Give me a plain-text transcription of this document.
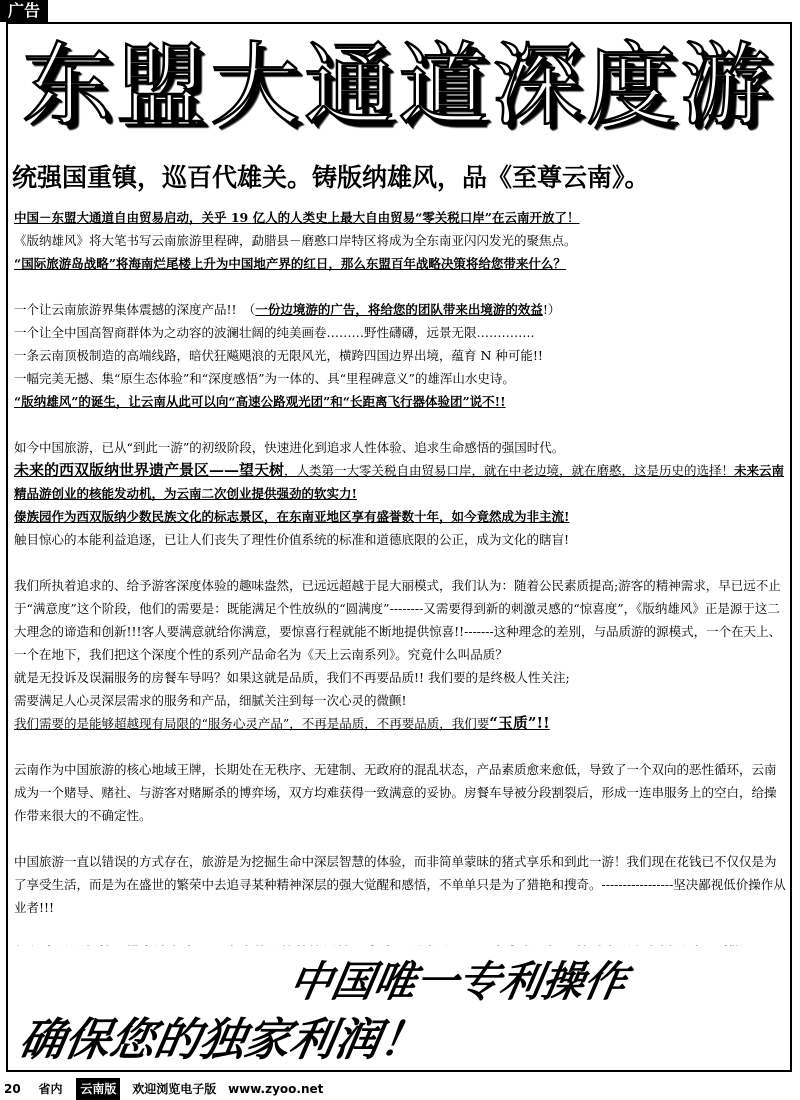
广告
东盟大通道深度游
统强国重镇，巡百代雄关。铸版纳雄风，品《至尊云南》。

中国－东盟大通道自由贸易启动，关乎 19 亿人的人类史上最大自由贸易“零关税口岸”在云南开放了！
《版纳雄风》将大笔书写云南旅游里程碑，勐腊县－磨憨口岸特区将成为全东南亚闪闪发光的聚焦点。
“国际旅游岛战略”将海南烂尾楼上升为中国地产界的红日，那么东盟百年战略决策将给您带来什么？

一个让云南旅游界集体震撼的深度产品!!　（一份边境游的广告，将给您的团队带来出境游的效益!）
一个让全中国高智商群体为之动容的波澜壮阔的纯美画卷………野性礴礴，远景无限…………..
一条云南顶极制造的高端线路，暗伏狂飚飓浪的无限风光，横跨四国边界出境，蕴育 N 种可能!!
一幅完美无撼、集“原生态体验”和“深度感悟”为一体的、具“里程碑意义”的雄浑山水史诗。
“版纳雄风”的诞生，让云南从此可以向“高速公路观光团”和“长距离飞行器体验团”说不!!

如今中国旅游，已从“到此一游”的初级阶段，快速进化到追求人性体验、追求生命感悟的强国时代。
未来的西双版纳世界遗产景区——望天树，人类第一大零关税自由贸易口岸，就在中老边境，就在磨憨，这是历史的选择！未来云南精品游创业的核能发动机，为云南二次创业提供强劲的软实力!
傣族园作为西双版纳少数民族文化的标志景区，在东南亚地区享有盛誉数十年，如今竟然成为非主流!
触目惊心的本能利益追逐，已让人们丧失了理性价值系统的标准和道德底限的公正，成为文化的瞎盲!

我们所执着追求的、给予游客深度体验的趣味盎然，已远远超越于昆大丽模式，我们认为：随着公民素质提高;游客的精神需求，早已远不止于“满意度”这个阶段，他们的需要是：既能满足个性放纵的“圆满度”--------又需要得到新的刺激灵感的“惊喜度”，《版纳雄风》正是源于这二大理念的谛造和创新!!!客人要满意就给你满意，要惊喜行程就能不断地提供惊喜!!-------这种理念的差别，与品质游的源模式，一个在天上、一个在地下，我们把这个深度个性的系列产品命名为《天上云南系列》。究竟什么叫品质？
就是无投诉及误漏服务的房餐车导吗？如果这就是品质，我们不再要品质!! 我们要的是终极人性关注;
需要满足人心灵深层需求的服务和产品，细腻关注到每一次心灵的微颤!
我们需要的是能够超越现有局限的“服务心灵产品”，不再是品质，不再要品质，我们要“玉质”!!

云南作为中国旅游的核心地域王牌，长期处在无秩序、无建制、无政府的混乱状态，产品素质愈来愈低，导致了一个双向的恶性循环，云南成为一个赌导、赌社、与游客对赌厮杀的博弈场，双方均难获得一致满意的妥协。房餐车导被分段割裂后，形成一连串服务上的空白，给操作带来很大的不确定性。

中国旅游一直以错误的方式存在，旅游是为挖掘生命中深层智慧的体验，而非简单蒙昧的猪式享乐和到此一游！我们现在花钱已不仅仅是为了享受生活，而是为在盛世的繁荣中去追寻某种精神深层的强大觉醒和感悟，不单单只是为了猎艳和搜奇。-----------------坚决鄙视低价操作从业者!!!

中国唯一专利操作
确保您的独家利润！
20 省内 云南版 欢迎浏览电子版 www.zyoo.net
